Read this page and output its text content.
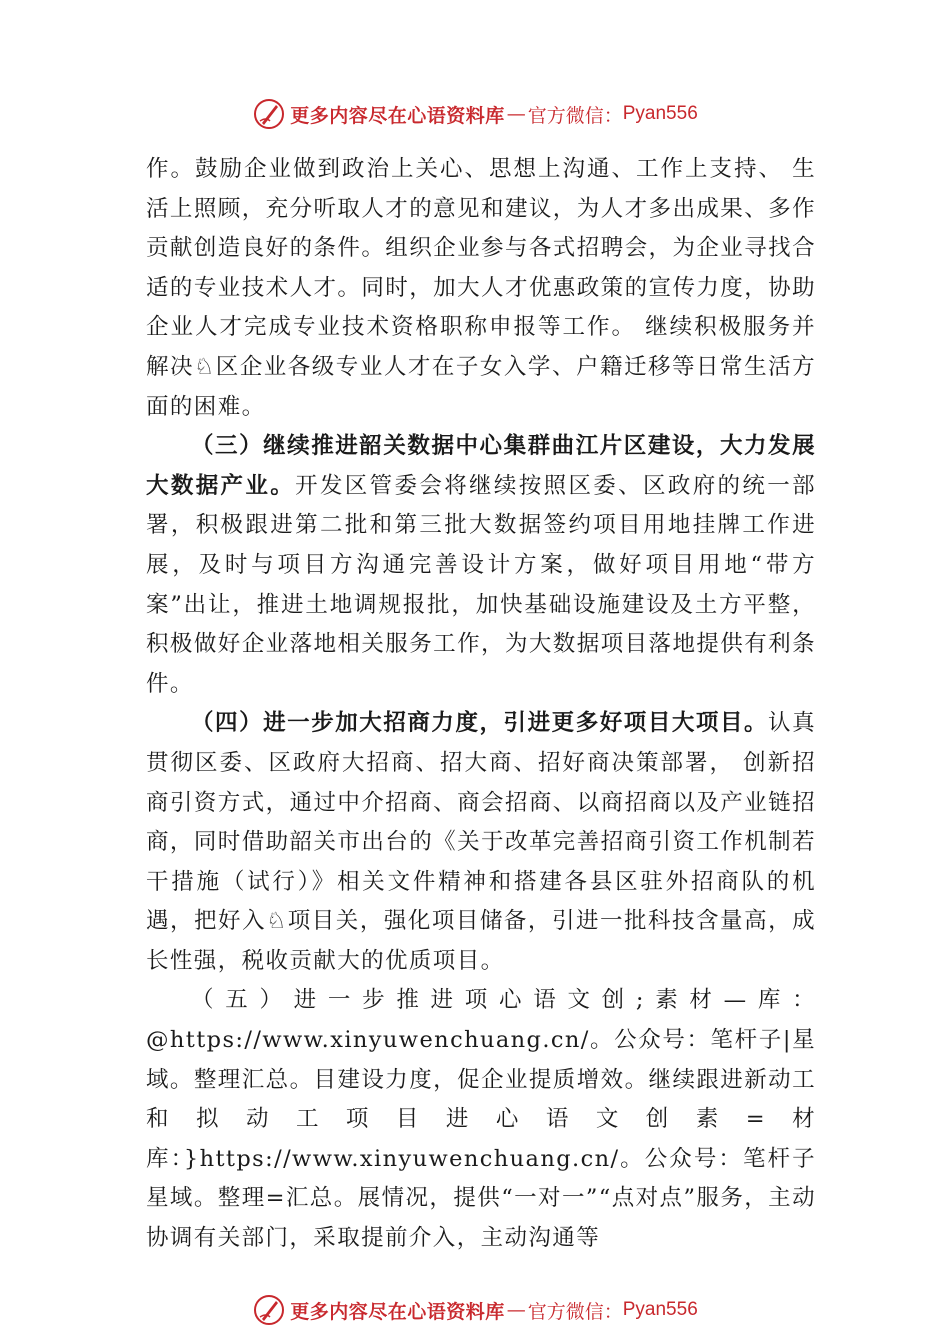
更多内容尽在心语资料库 — 官方微信： Pyan556

作。鼓励企业做到政治上关心、思想上沟通、工作上支持、 生活上照顾，充分听取人才的意见和建议，为人才多出成果、多作贡献创造良好的条件。组织企业参与各式招聘会，为企业寻找合适的专业技术人才。同时，加大人才优惠政策的宣传力度，协助企业人才完成专业技术资格职称申报等工作。 继续积极服务并解决♘区企业各级专业人才在子女入学、户籍迁移等日常生活方面的困难。

（三）继续推进韶关数据中心集群曲江片区建设，大力发展大数据产业。开发区管委会将继续按照区委、区政府的统一部署，积极跟进第二批和第三批大数据签约项目用地挂牌工作进展，及时与项目方沟通完善设计方案，做好项目用地“带方案”出让，推进土地调规报批，加快基础设施建设及土方平整，积极做好企业落地相关服务工作，为大数据项目落地提供有利条件。

（四）进一步加大招商力度，引进更多好项目大项目。认真贯彻区委、区政府大招商、招大商、招好商决策部署， 创新招商引资方式，通过中介招商、商会招商、以商招商以及产业链招商，同时借助韶关市出台的《关于改革完善招商引资工作机制若干措施（试行）》相关文件精神和搭建各县区驻外招商队的机遇，把好入♘项目关，强化项目储备，引进一批科技含量高，成长性强，税收贡献大的优质项目。

（五）进一步推进项心语文创;素材—库：@https://www.xinyuwenchuang.cn/。公众号：笔杆子|星域。整理汇总。目建设力度，促企业提质增效。继续跟进新动工和拟动工项目进心语文创素=材库：}https://www.xinyuwenchuang.cn/。公众号：笔杆子星域。整理=汇总。展情况，提供“一对一”“点对点”服务，主动协调有关部门，采取提前介入，主动沟通等

更多内容尽在心语资料库 — 官方微信： Pyan556
